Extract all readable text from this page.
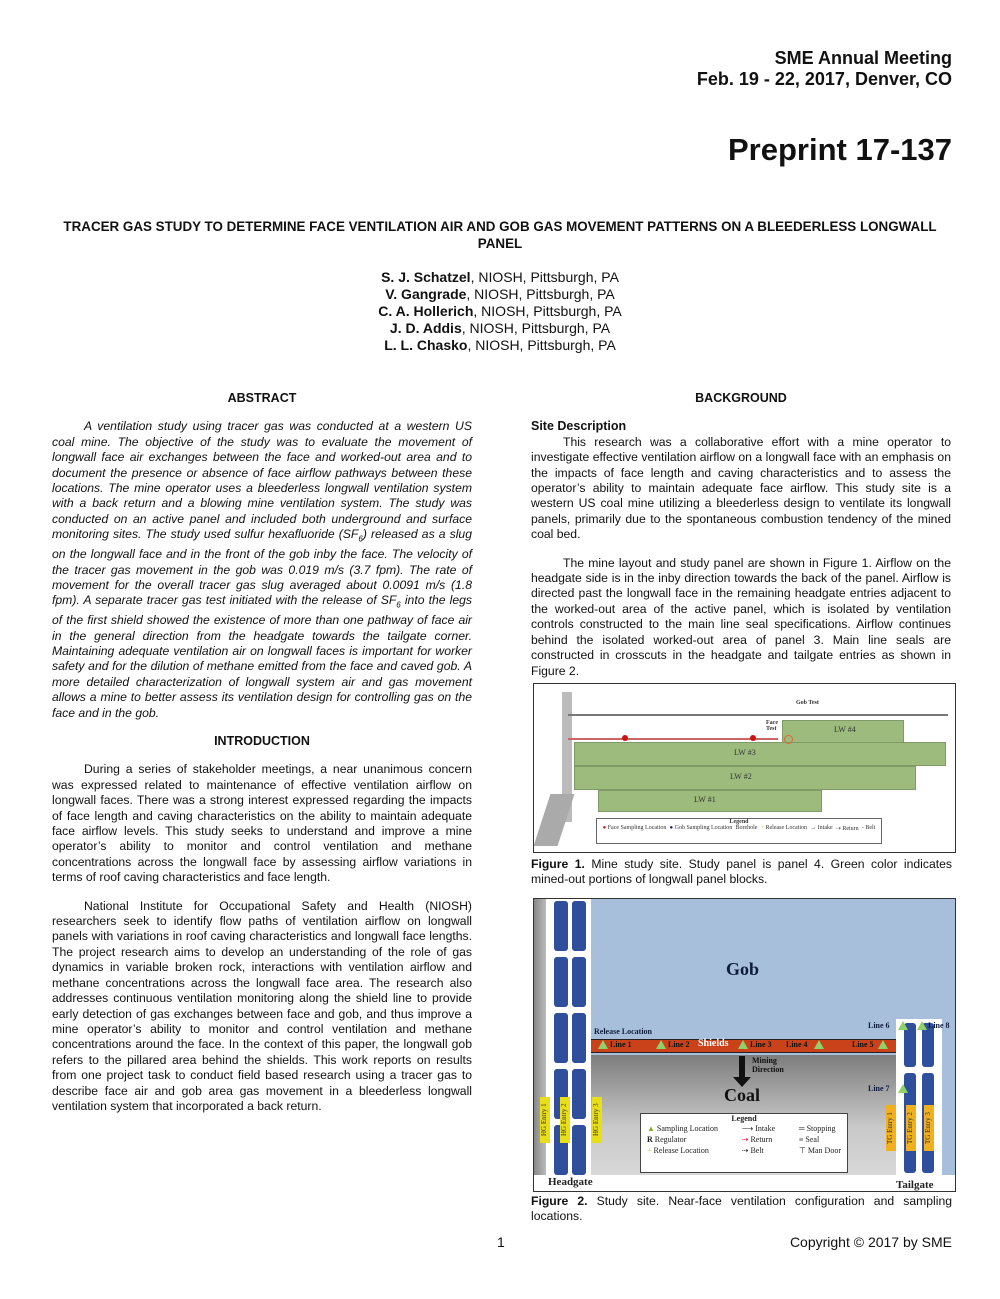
SME Annual Meeting
Feb. 19 - 22, 2017, Denver, CO
Preprint 17-137
TRACER GAS STUDY TO DETERMINE FACE VENTILATION AIR AND GOB GAS MOVEMENT PATTERNS ON A BLEEDERLESS LONGWALL PANEL
S. J. Schatzel, NIOSH, Pittsburgh, PA
V. Gangrade, NIOSH, Pittsburgh, PA
C. A. Hollerich, NIOSH, Pittsburgh, PA
J. D. Addis, NIOSH, Pittsburgh, PA
L. L. Chasko, NIOSH, Pittsburgh, PA
ABSTRACT

A ventilation study using tracer gas was conducted at a western US coal mine. The objective of the study was to evaluate the movement of longwall face air exchanges between the face and worked-out area and to document the presence or absence of face airflow pathways between these locations. The mine operator uses a bleederless longwall ventilation system with a back return and a blowing mine ventilation system. The study was conducted on an active panel and included both underground and surface monitoring sites. The study used sulfur hexafluoride $(SF_6)$ released as a slug on the longwall face and in the front of the gob inby the face. The velocity of the tracer gas movement in the gob was 0.019 m/s (3.7 fpm). The rate of movement for the overall tracer gas slug averaged about 0.0091 m/s (1.8 fpm). A separate tracer gas test initiated with the release of $SF_6$ into the legs of the first shield showed the existence of more than one pathway of face air in the general direction from the headgate towards the tailgate corner. Maintaining adequate ventilation air on longwall faces is important for worker safety and for the dilution of methane emitted from the face and caved gob. A more detailed characterization of longwall system air and gas movement allows a mine to better assess its ventilation design for controlling gas on the face and in the gob.

INTRODUCTION

During a series of stakeholder meetings, a near unanimous concern was expressed related to maintenance of effective ventilation airflow on longwall faces. There was a strong interest expressed regarding the impacts of face length and caving characteristics on the ability to maintain adequate face airflow levels. This study seeks to understand and improve a mine operator’s ability to monitor and control ventilation and methane concentrations across the longwall face by assessing airflow variations in terms of roof caving characteristics and face length.

National Institute for Occupational Safety and Health (NIOSH) researchers seek to identify flow paths of ventilation airflow on longwall panels with variations in roof caving characteristics and longwall face lengths. The project research aims to develop an understanding of the role of gas dynamics in variable broken rock, interactions with ventilation airflow and methane concentrations across the longwall face area. The research also addresses continuous ventilation monitoring along the shield line to provide early detection of gas exchanges between face and gob, and thus improve a mine operator’s ability to monitor and control ventilation and methane concentrations around the face. In the context of this paper, the longwall gob refers to the pillared area behind the shields. This work reports on results from one project task to conduct field based research using a tracer gas to describe face air and gob area gas movement in a bleederless longwall ventilation system that incorporated a back return.

BACKGROUND
Site Description

This research was a collaborative effort with a mine operator to investigate effective ventilation airflow on a longwall face with an emphasis on the impacts of face length and caving characteristics and to assess the operator’s ability to maintain adequate face airflow. This study site is a western US coal mine utilizing a bleederless design to ventilate its longwall panels, primarily due to the spontaneous combustion tendency of the mined coal bed.

The mine layout and study panel are shown in Figure 1. Airflow on the headgate side is in the inby direction towards the back of the panel. Airflow is directed past the longwall face in the remaining headgate entries adjacent to the worked-out area of the active panel, which is isolated by ventilation controls constructed to the main line seal specifications. Airflow continues behind the isolated worked-out area of panel 3. Main line seals are constructed in crosscuts in the headgate and tailgate entries as shown in Figure 2.

LW #4
LW #3
LW #2
LW #1
Gob Test
Face Test
Legend
● Face Sampling Location ● Gob Sampling Location Borehole + Release Location → Intake ⇢ Return - Belt
Figure 1. Mine study site. Study panel is panel 4. Green color indicates mined-out portions of longwall panel blocks.
Gob
Release Location
Line 1	Line 2 Shields	Line 3 Line 4	Line 5
Mining Direction
Coal
HG Entry 1 HG Entry 2	HG Entry 3
Line 6	Line 8
Line 7
TG Entry 1 TG Entry 2 TG Entry 3
Legend
▲ Sampling Location
R Regulator
+ Release Location
⟶ Intake
⇢ Return
⇢ Belt
═ Stopping
≡ Seal
⊤ Man Door
Headgate	Tailgate
Figure 2. Study site. Near-face ventilation configuration and sampling locations.
1	Copyright © 2017 by SME
